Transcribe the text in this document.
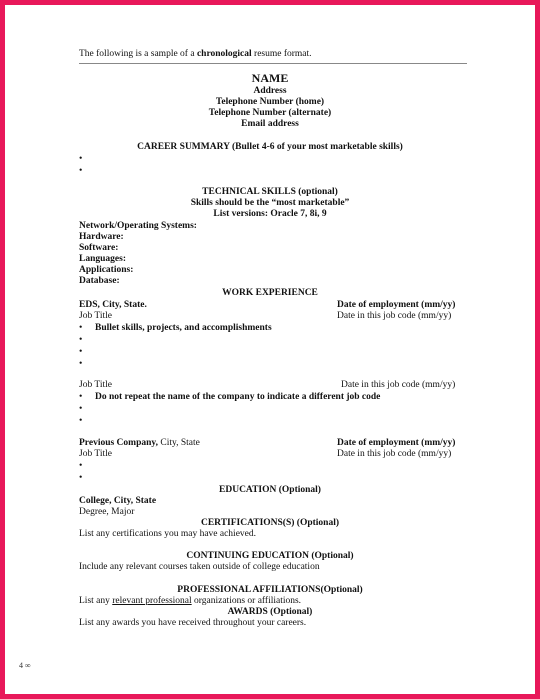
The following is a sample of a chronological resume format.
NAME
Address
Telephone Number (home)
Telephone Number (alternate)
Email address
CAREER SUMMARY (Bullet 4-6 of your most marketable skills)
•
•
TECHNICAL SKILLS (optional)
Skills should be the “most marketable”
List versions: Oracle 7, 8i, 9
Network/Operating Systems:
Hardware:
Software:
Languages:
Applications:
Database:
WORK EXPERIENCE
EDS, City, State.	Date of employment (mm/yy)
Job Title	Date in this job code (mm/yy)
• Bullet skills, projects, and accomplishments
•
•
•
Job Title	Date in this job code (mm/yy)
• Do not repeat the name of the company to indicate a different job code
•
•
Previous Company, City, State	Date of employment (mm/yy)
Job Title	Date in this job code (mm/yy)
•
•
EDUCATION (Optional)
College, City, State
Degree, Major
CERTIFICATIONS(S) (Optional)
List any certifications you may have achieved.
CONTINUING EDUCATION (Optional)
Include any relevant courses taken outside of college education
PROFESSIONAL AFFILIATIONS(Optional)
List any relevant professional organizations or affiliations.
AWARDS (Optional)
List any awards you have received throughout your careers.
4 ∞
